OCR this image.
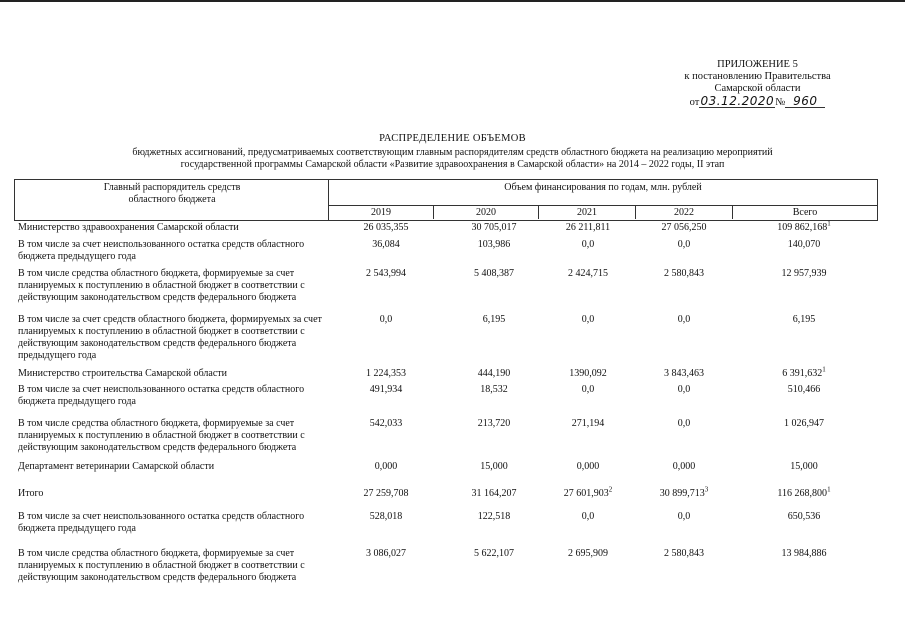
ПРИЛОЖЕНИЕ 5
к постановлению Правительства
Самарской области
от03.12.2020№ 960
РАСПРЕДЕЛЕНИЕ ОБЪЕМОВ
бюджетных ассигнований, предусматриваемых соответствующим главным распорядителям средств областного бюджета на реализацию мероприятий
государственной программы Самарской области «Развитие здравоохранения в Самарской области» на 2014 – 2022 годы, II этап
Главный распорядитель средств
областного бюджета
Объем финансирования по годам, млн. рублей
2019	2020	2021	2022	Всего
Министерство здравоохранения Самарской области	26 035,355	30 705,017	26 211,811	27 056,250	109 862,168$^1$
В том числе за счет неиспользованного остатка средств областного бюджета предыдущего года
36,084	103,986	0,0	0,0	140,070
В том числе средства областного бюджета, формируемые за счет планируемых к поступлению в областной бюджет в соответствии с действующим законодательством средств федерального бюджета
2 543,994	5 408,387	2 424,715	2 580,843	12 957,939
В том числе за счет средств областного бюджета, формируемых за счет планируемых к поступлению в областной бюджет в соответствии с действующим законодательством средств федерального бюджета предыдущего года
0,0	6,195	0,0	0,0	6,195
Министерство строительства Самарской области	1 224,353	444,190	1390,092	3 843,463	6 391,632$^1$
В том числе за счет неиспользованного остатка средств областного бюджета предыдущего года
491,934	18,532	0,0	0,0	510,466
В том числе средства областного бюджета, формируемые за счет планируемых к поступлению в областной бюджет в соответствии с действующим законодательством средств федерального бюджета
542,033	213,720	271,194	0,0	1 026,947
Департамент ветеринарии Самарской области	0,000	15,000	0,000	0,000	15,000
Итого	27 259,708	31 164,207	27 601,903$^2$	30 899,713$^3$	116 268,800$^1$
В том числе за счет неиспользованного остатка средств областного бюджета предыдущего года
528,018	122,518	0,0	0,0	650,536
В том числе средства областного бюджета, формируемые за счет планируемых к поступлению в областной бюджет в соответствии с действующим законодательством средств федерального бюджета
3 086,027	5 622,107	2 695,909	2 580,843	13 984,886
